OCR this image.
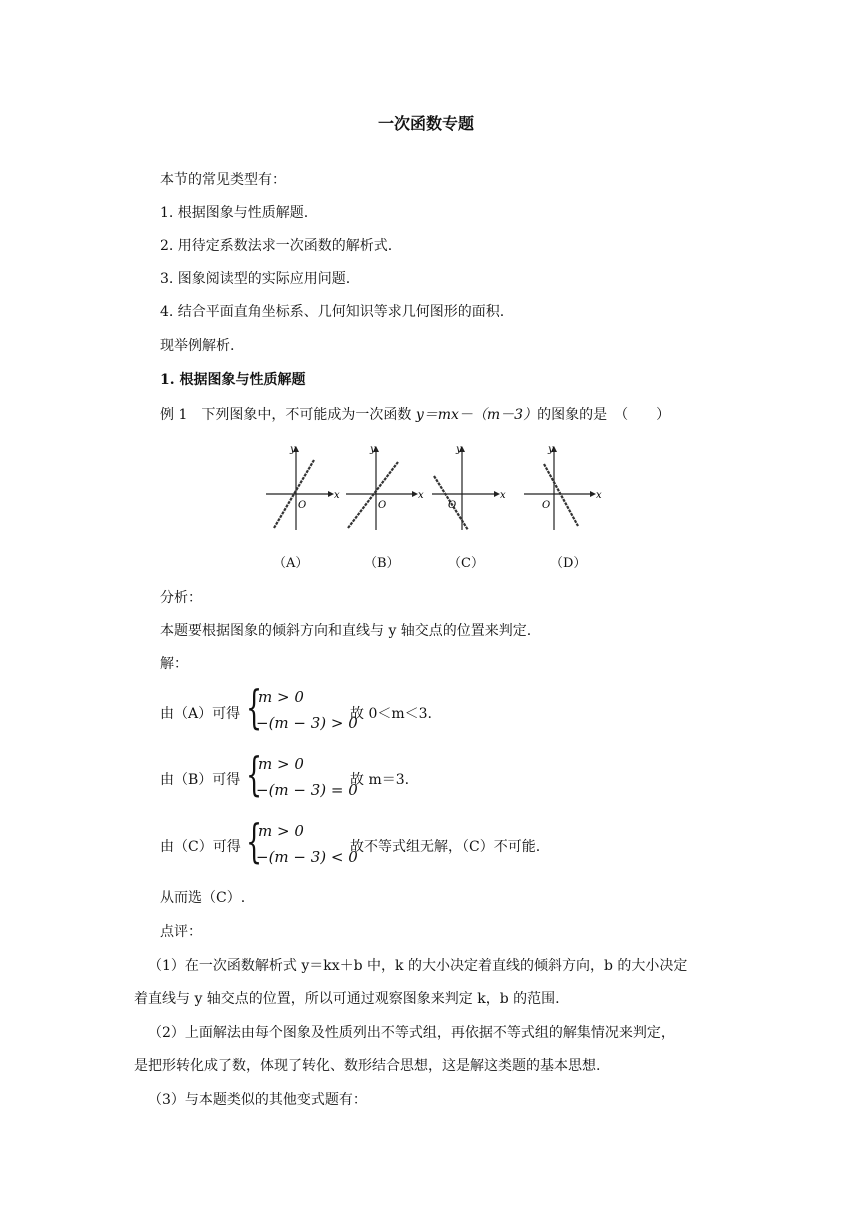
一次函数专题
本节的常见类型有：
1. 根据图象与性质解题.
2. 用待定系数法求一次函数的解析式.
3. 图象阅读型的实际应用问题.
4. 结合平面直角坐标系、几何知识等求几何图形的面积.
现举例解析.
1. 根据图象与性质解题
例 1　下列图象中，不可能成为一次函数 y＝mx－（m－3）的图象的是　（　　）
x
y
O
（A）
x
y
O
（B）
x
y
O
（C）
x
y
O
（D）
分析：
本题要根据图象的倾斜方向和直线与 y 轴交点的位置来判定.
解：
由（A）可得 {
m > 0
−(m − 3) > 0
故 0＜m＜3.
由（B）可得 {
m > 0
−(m − 3) = 0
故 m＝3.
由（C）可得 {
m > 0
−(m − 3) < 0
故不等式组无解，（C）不可能.
从而选（C）.
点评：
（1）在一次函数解析式 y＝kx＋b 中，k 的大小决定着直线的倾斜方向，b 的大小决定
着直线与 y 轴交点的位置，所以可通过观察图象来判定 k，b 的范围.
（2）上面解法由每个图象及性质列出不等式组，再依据不等式组的解集情况来判定，
是把形转化成了数，体现了转化、数形结合思想，这是解这类题的基本思想.
（3）与本题类似的其他变式题有：
